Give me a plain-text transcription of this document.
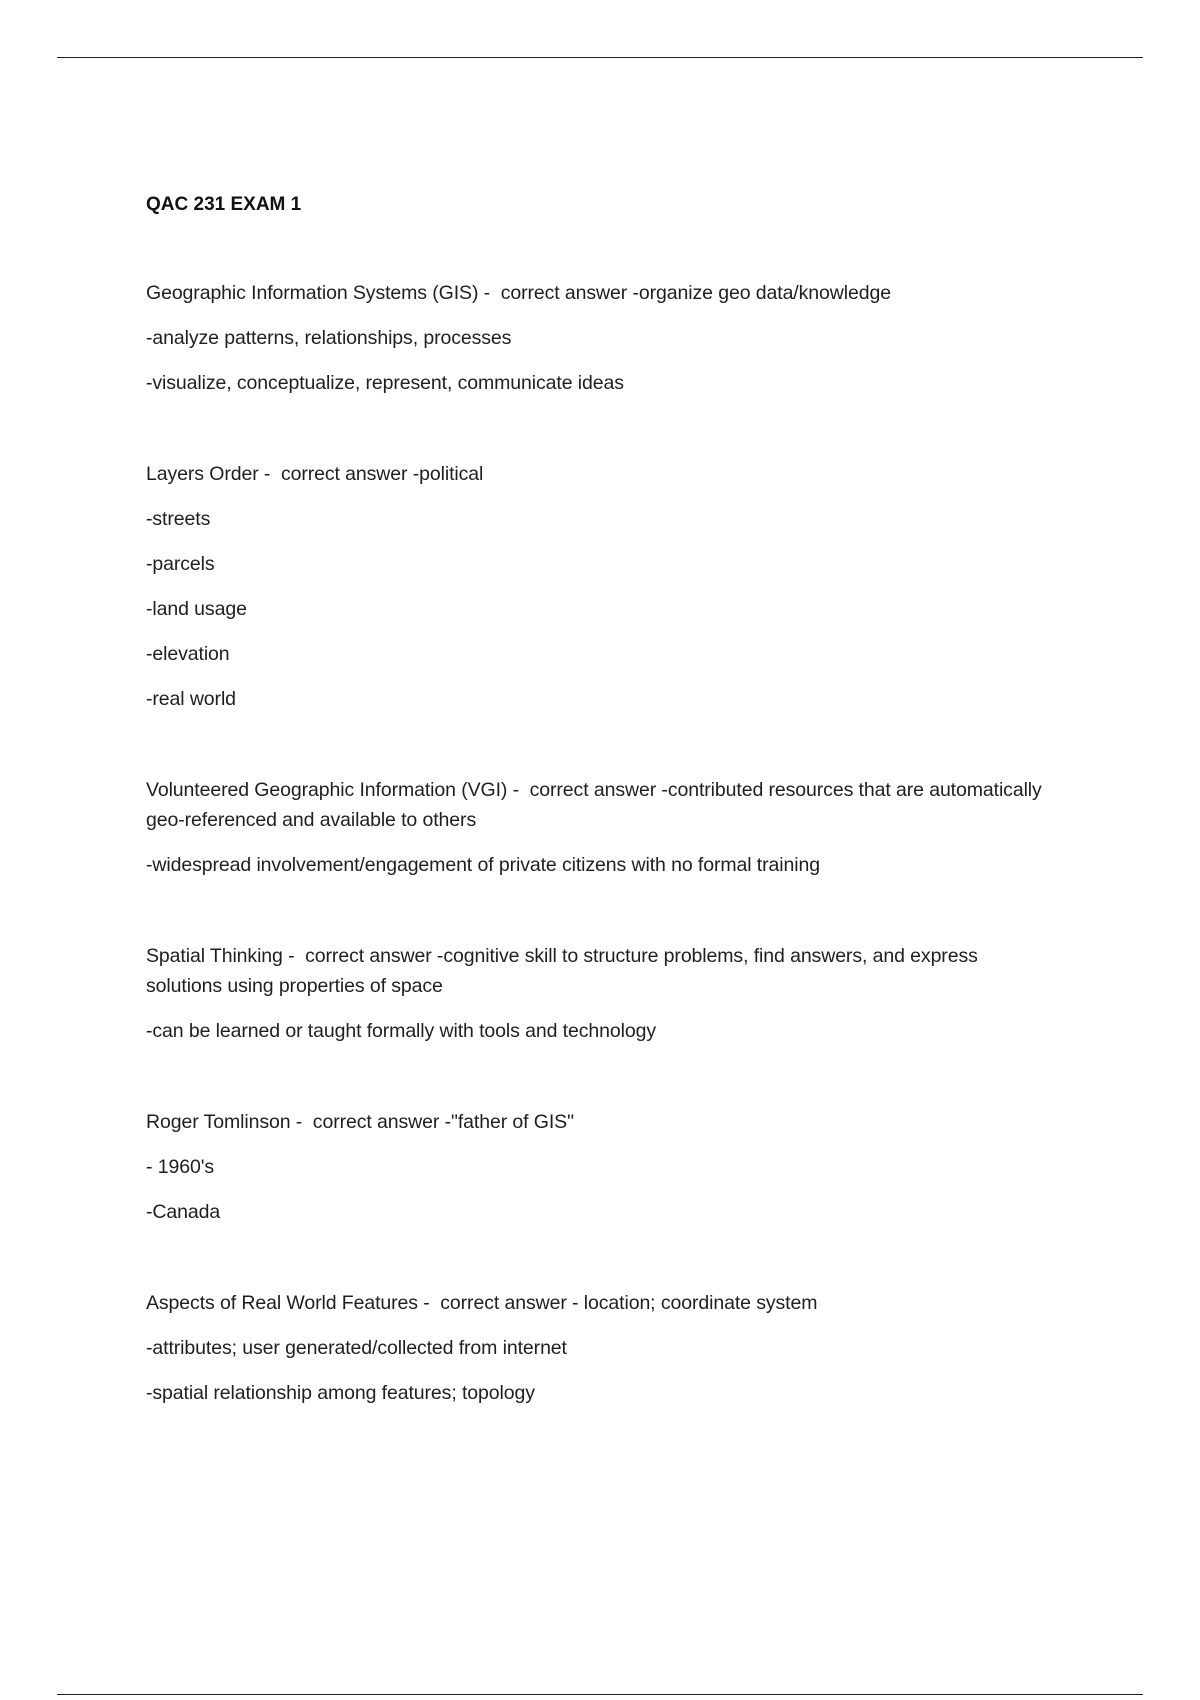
QAC 231 EXAM 1
Geographic Information Systems (GIS) -  correct answer -organize geo data/knowledge
-analyze patterns, relationships, processes
-visualize, conceptualize, represent, communicate ideas
Layers Order -  correct answer -political
-streets
-parcels
-land usage
-elevation
-real world
Volunteered Geographic Information (VGI) -  correct answer -contributed resources that are automatically geo-referenced and available to others
-widespread involvement/engagement of private citizens with no formal training
Spatial Thinking -  correct answer -cognitive skill to structure problems, find answers, and express solutions using properties of space
-can be learned or taught formally with tools and technology
Roger Tomlinson -  correct answer -"father of GIS"
- 1960's
-Canada
Aspects of Real World Features -  correct answer - location; coordinate system
-attributes; user generated/collected from internet
-spatial relationship among features; topology
